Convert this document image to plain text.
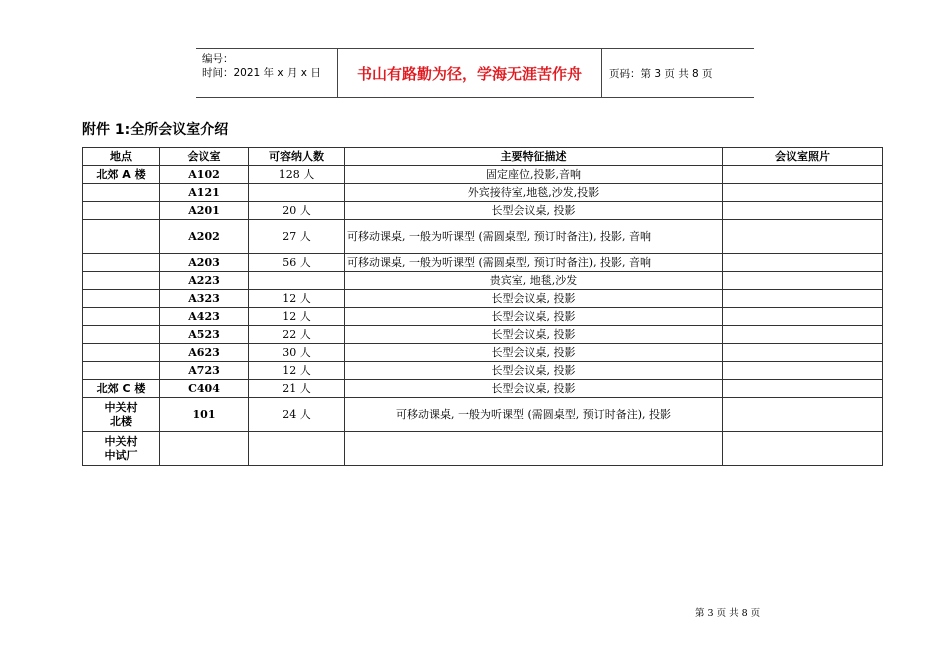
编号：
时间：2021 年 x 月 x 日	书山有路勤为径，学海无涯苦作舟	页码：第 3 页 共 8 页
附件 1:全所会议室介绍
地点	会议室	可容纳人数	主要特征描述	会议室照片
北郊 A 楼	A102	128 人	固定座位,投影,音响	
	A121		外宾接待室,地毯,沙发,投影	
	A201	20 人	长型会议桌, 投影	
	A202	27 人	可移动课桌, 一般为听课型 (需圆桌型, 预订时备注), 投影, 音响	
	A203	56 人	可移动课桌, 一般为听课型 (需圆桌型, 预订时备注), 投影, 音响	
	A223		贵宾室, 地毯,沙发	
	A323	12 人	长型会议桌, 投影	
	A423	12 人	长型会议桌, 投影	
	A523	22 人	长型会议桌, 投影	
	A623	30 人	长型会议桌, 投影	
	A723	12 人	长型会议桌, 投影	
北郊 C 楼	C404	21 人	长型会议桌, 投影	
中关村
北楼	101	24 人	可移动课桌, 一般为听课型 (需圆桌型, 预订时备注), 投影	
中关村
中试厂				
第 3 页 共 8 页
